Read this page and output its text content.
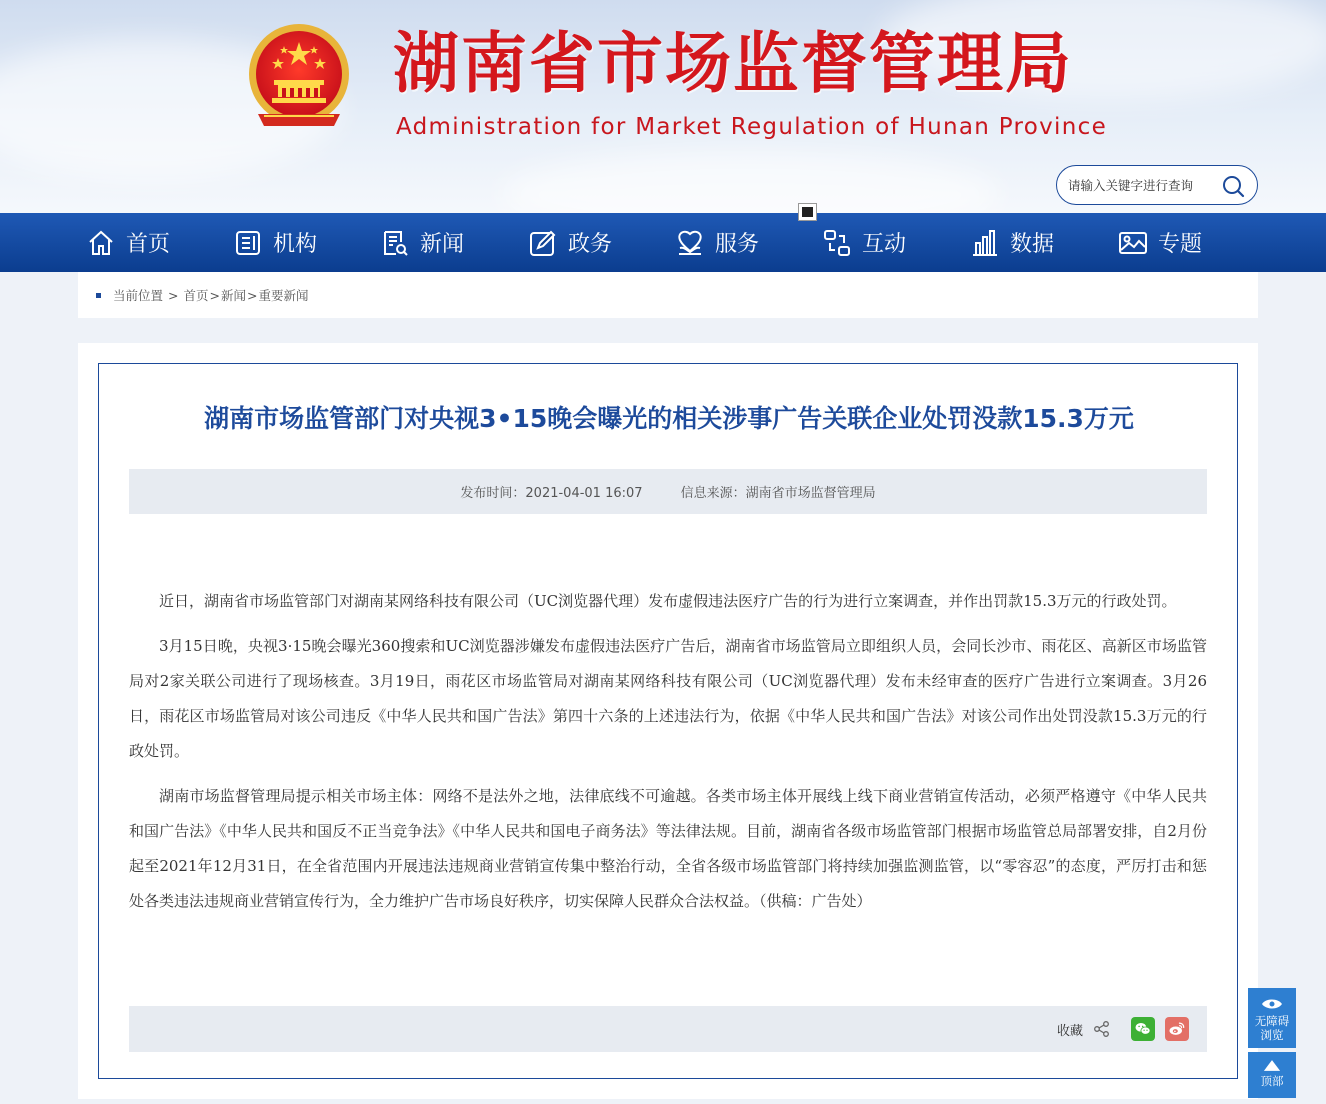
湖南省市场监督管理局
Administration for Market Regulation of Hunan Province
请输入关键字进行查询
首页	机构	新闻	政务	服务	互动	数据	专题
当前位置 > 首页 > 新闻 > 重要新闻
湖南市场监管部门对央视3•15晚会曝光的相关涉事广告关联企业处罚没款15.3万元
发布时间：2021-04-01 16:07	信息来源：湖南省市场监督管理局

近日，湖南省市场监管部门对湖南某网络科技有限公司（UC浏览器代理）发布虚假违法医疗广告的行为进行立案调查，并作出罚款15.3万元的行政处罚。

3月15日晚，央视3·15晚会曝光360搜索和UC浏览器涉嫌发布虚假违法医疗广告后，湖南省市场监管局立即组织人员，会同长沙市、雨花区、高新区市场监管局对2家关联公司进行了现场核查。3月19日，雨花区市场监管局对湖南某网络科技有限公司（UC浏览器代理）发布未经审查的医疗广告进行立案调查。3月26日，雨花区市场监管局对该公司违反《中华人民共和国广告法》第四十六条的上述违法行为，依据《中华人民共和国广告法》对该公司作出处罚没款15.3万元的行政处罚。

湖南市场监督管理局提示相关市场主体：网络不是法外之地，法律底线不可逾越。各类市场主体开展线上线下商业营销宣传活动，必须严格遵守《中华人民共和国广告法》《中华人民共和国反不正当竞争法》《中华人民共和国电子商务法》等法律法规。目前，湖南省各级市场监管部门根据市场监管总局部署安排，自2月份起至2021年12月31日，在全省范围内开展违法违规商业营销宣传集中整治行动，全省各级市场监管部门将持续加强监测监管，以“零容忍”的态度，严厉打击和惩处各类违法违规商业营销宣传行为，全力维护广告市场良好秩序，切实保障人民群众合法权益。（供稿：广告处）

收藏
无障碍浏览
顶部
